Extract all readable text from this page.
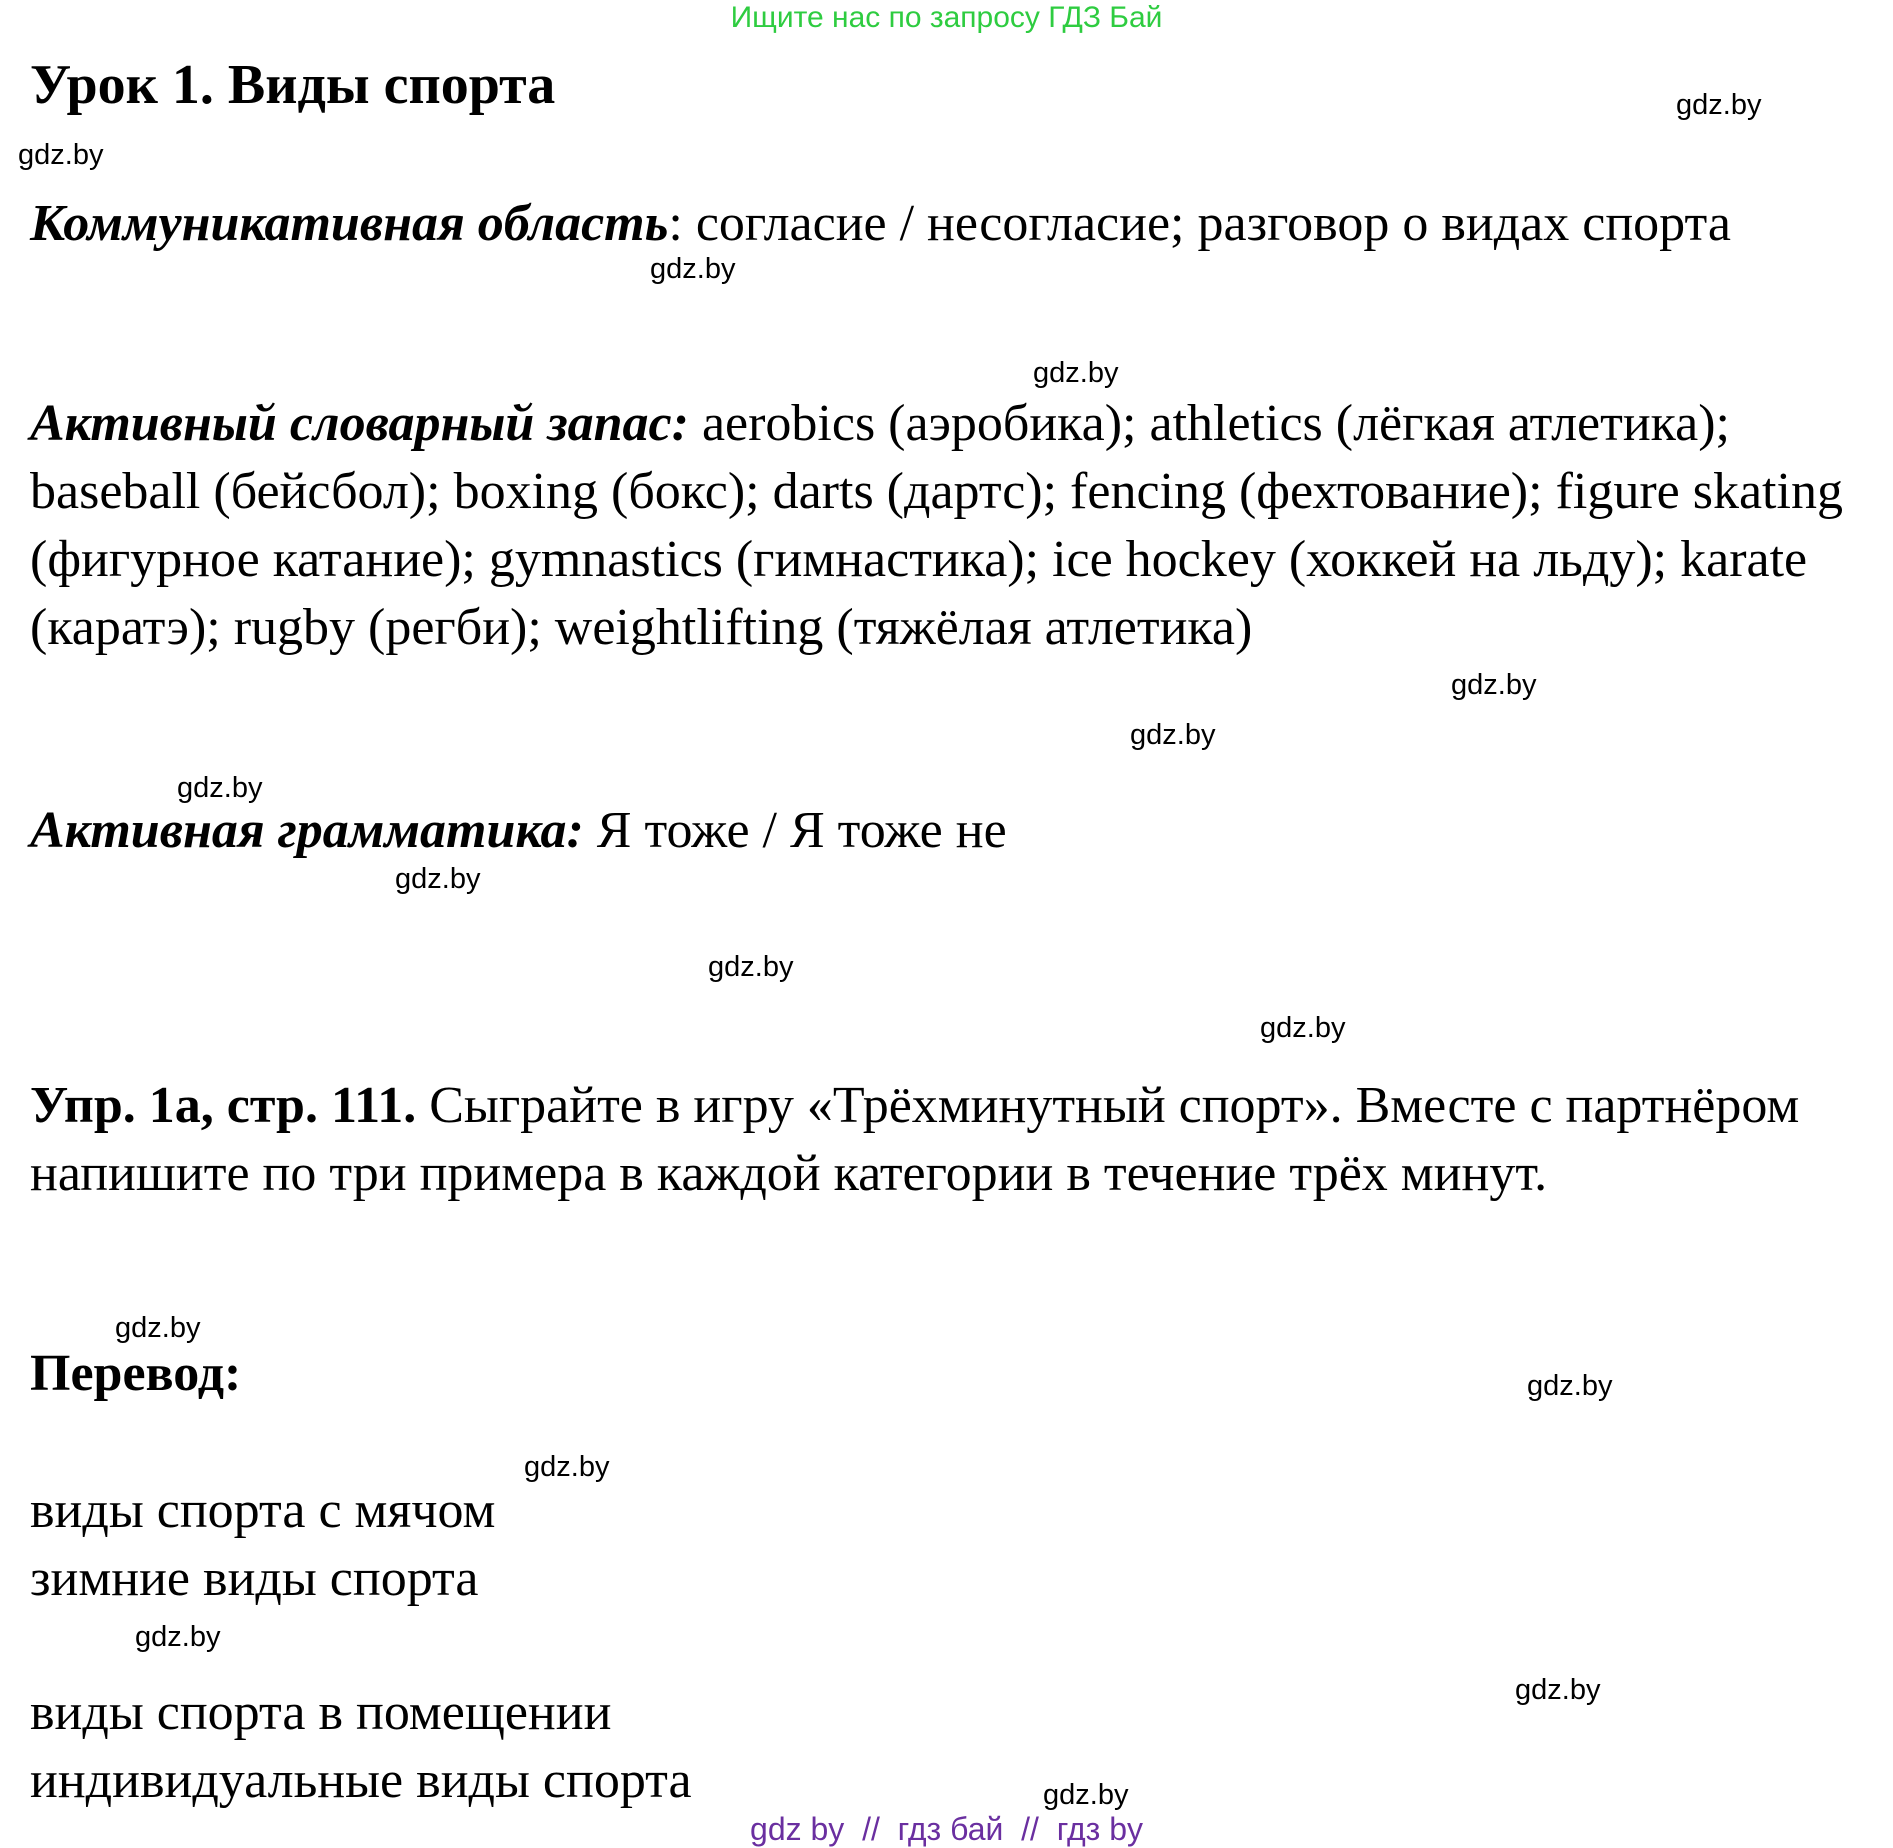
Ищите нас по запросу ГДЗ Бай
Урок 1. Виды спорта
Коммуникативная область: согласие / несогласие; разговор о видах спорта
Активный словарный запас: aerobics (аэробика); athletics (лёгкая атлетика); baseball (бейсбол); boxing (бокс); darts (дартс); fencing (фехтование); figure skating (фигурное катание); gymnastics (гимнастика); ice hockey (хоккей на льду); karate (каратэ); rugby (регби); weightlifting (тяжёлая атлетика)
Активная грамматика: Я тоже / Я тоже не
Упр. 1а, стр. 111. Сыграйте в игру «Трёхминутный спорт». Вместе с партнёром напишите по три примера в каждой категории в течение трёх минут.
Перевод:
виды спорта с мячом
зимние виды спорта
виды спорта в помещении
индивидуальные виды спорта
gdz.by
gdz.by
gdz.by
gdz.by
gdz.by
gdz.by
gdz.by
gdz.by
gdz.by
gdz.by
gdz.by
gdz.by
gdz.by
gdz.by
gdz.by
gdz.by
gdz by  //  гдз бай  //  гдз by
